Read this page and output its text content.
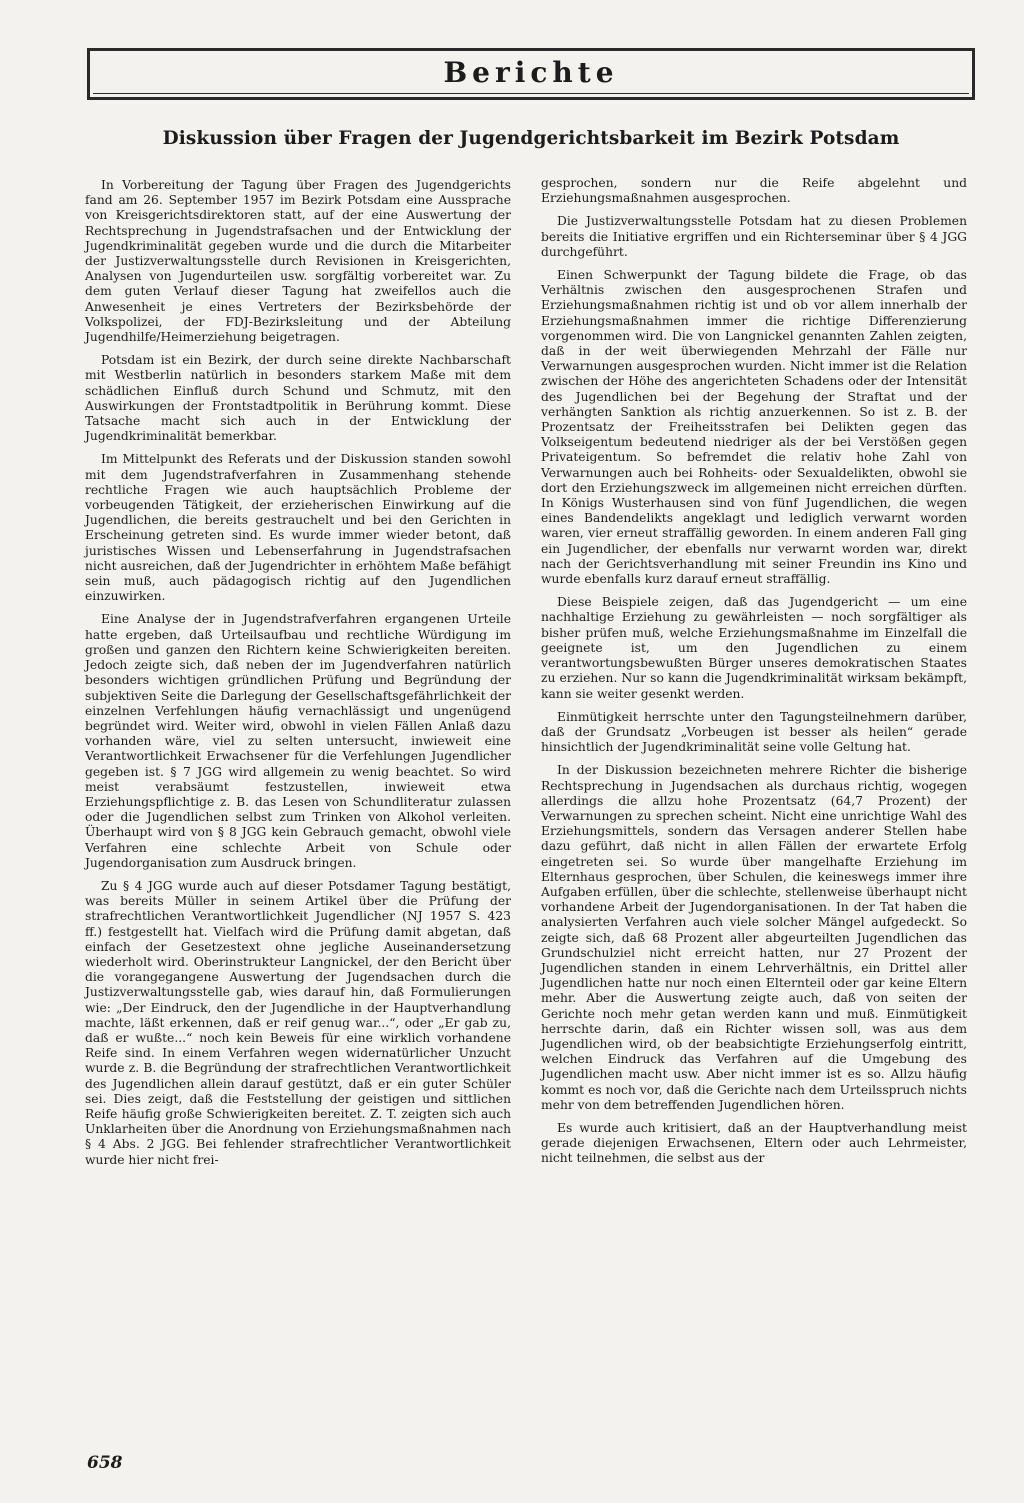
Berichte
Diskussion über Fragen der Jugendgerichtsbarkeit im Bezirk Potsdam

In Vorbereitung der Tagung über Fragen des Jugendgerichts fand am 26. September 1957 im Bezirk Potsdam eine Aussprache von Kreisgerichtsdirektoren statt, auf der eine Auswertung der Rechtsprechung in Jugendstrafsachen und der Entwicklung der Jugendkriminalität gegeben wurde und die durch die Mitarbeiter der Justizverwaltungsstelle durch Revisionen in Kreisgerichten, Analysen von Jugendurteilen usw. sorgfältig vorbereitet war. Zu dem guten Verlauf dieser Tagung hat zweifellos auch die Anwesenheit je eines Vertreters der Bezirksbehörde der Volkspolizei, der FDJ-Bezirksleitung und der Abteilung Jugendhilfe/Heimerziehung beigetragen.

Potsdam ist ein Bezirk, der durch seine direkte Nachbarschaft mit Westberlin natürlich in besonders starkem Maße mit dem schädlichen Einfluß durch Schund und Schmutz, mit den Auswirkungen der Frontstadtpolitik in Berührung kommt. Diese Tatsache macht sich auch in der Entwicklung der Jugendkriminalität bemerkbar.

Im Mittelpunkt des Referats und der Diskussion standen sowohl mit dem Jugendstrafverfahren in Zusammenhang stehende rechtliche Fragen wie auch hauptsächlich Probleme der vorbeugenden Tätigkeit, der erzieherischen Einwirkung auf die Jugendlichen, die bereits gestrauchelt und bei den Gerichten in Erscheinung getreten sind. Es wurde immer wieder betont, daß juristisches Wissen und Lebenserfahrung in Jugendstrafsachen nicht ausreichen, daß der Jugendrichter in erhöhtem Maße befähigt sein muß, auch pädagogisch richtig auf den Jugendlichen einzuwirken.

Eine Analyse der in Jugendstrafverfahren ergangenen Urteile hatte ergeben, daß Urteilsaufbau und rechtliche Würdigung im großen und ganzen den Richtern keine Schwierigkeiten bereiten. Jedoch zeigte sich, daß neben der im Jugendverfahren natürlich besonders wichtigen gründlichen Prüfung und Begründung der subjektiven Seite die Darlegung der Gesellschaftsgefährlichkeit der einzelnen Verfehlungen häufig vernachlässigt und ungenügend begründet wird. Weiter wird, obwohl in vielen Fällen Anlaß dazu vorhanden wäre, viel zu selten untersucht, inwieweit eine Verantwortlichkeit Erwachsener für die Verfehlungen Jugendlicher gegeben ist. § 7 JGG wird allgemein zu wenig beachtet. So wird meist verabsäumt festzustellen, inwieweit etwa Erziehungspflichtige z. B. das Lesen von Schundliteratur zulassen oder die Jugendlichen selbst zum Trinken von Alkohol verleiten. Überhaupt wird von § 8 JGG kein Gebrauch gemacht, obwohl viele Verfahren eine schlechte Arbeit von Schule oder Jugendorganisation zum Ausdruck bringen.

Zu § 4 JGG wurde auch auf dieser Potsdamer Tagung bestätigt, was bereits Müller in seinem Artikel über die Prüfung der strafrechtlichen Verantwortlichkeit Jugendlicher (NJ 1957 S. 423 ff.) festgestellt hat. Vielfach wird die Prüfung damit abgetan, daß einfach der Gesetzestext ohne jegliche Auseinandersetzung wiederholt wird. Oberinstrukteur Langnickel, der den Bericht über die vorangegangene Auswertung der Jugendsachen durch die Justizverwaltungsstelle gab, wies darauf hin, daß Formulierungen wie: „Der Eindruck, den der Jugendliche in der Hauptverhandlung machte, läßt erkennen, daß er reif genug war...“, oder „Er gab zu, daß er wußte...“ noch kein Beweis für eine wirklich vorhandene Reife sind. In einem Verfahren wegen widernatürlicher Unzucht wurde z. B. die Begründung der strafrechtlichen Verantwortlichkeit des Jugendlichen allein darauf gestützt, daß er ein guter Schüler sei. Dies zeigt, daß die Feststellung der geistigen und sittlichen Reife häufig große Schwierigkeiten bereitet. Z. T. zeigten sich auch Unklarheiten über die Anordnung von Erziehungsmaßnahmen nach § 4 Abs. 2 JGG. Bei fehlender strafrechtlicher Verantwortlichkeit wurde hier nicht frei-

gesprochen, sondern nur die Reife abgelehnt und Erziehungsmaßnahmen ausgesprochen.

Die Justizverwaltungsstelle Potsdam hat zu diesen Problemen bereits die Initiative ergriffen und ein Richterseminar über § 4 JGG durchgeführt.

Einen Schwerpunkt der Tagung bildete die Frage, ob das Verhältnis zwischen den ausgesprochenen Strafen und Erziehungsmaßnahmen richtig ist und ob vor allem innerhalb der Erziehungsmaßnahmen immer die richtige Differenzierung vorgenommen wird. Die von Langnickel genannten Zahlen zeigten, daß in der weit überwiegenden Mehrzahl der Fälle nur Verwarnungen ausgesprochen wurden. Nicht immer ist die Relation zwischen der Höhe des angerichteten Schadens oder der Intensität des Jugendlichen bei der Begehung der Straftat und der verhängten Sanktion als richtig anzuerkennen. So ist z. B. der Prozentsatz der Freiheitsstrafen bei Delikten gegen das Volkseigentum bedeutend niedriger als der bei Verstößen gegen Privateigentum. So befremdet die relativ hohe Zahl von Verwarnungen auch bei Rohheits- oder Sexualdelikten, obwohl sie dort den Erziehungszweck im allgemeinen nicht erreichen dürften. In Königs Wusterhausen sind von fünf Jugendlichen, die wegen eines Bandendelikts angeklagt und lediglich verwarnt worden waren, vier erneut straffällig geworden. In einem anderen Fall ging ein Jugendlicher, der ebenfalls nur verwarnt worden war, direkt nach der Gerichtsverhandlung mit seiner Freundin ins Kino und wurde ebenfalls kurz darauf erneut straffällig.

Diese Beispiele zeigen, daß das Jugendgericht — um eine nachhaltige Erziehung zu gewährleisten — noch sorgfältiger als bisher prüfen muß, welche Erziehungsmaßnahme im Einzelfall die geeignete ist, um den Jugendlichen zu einem verantwortungsbewußten Bürger unseres demokratischen Staates zu erziehen. Nur so kann die Jugendkriminalität wirksam bekämpft, kann sie weiter gesenkt werden.

Einmütigkeit herrschte unter den Tagungsteilnehmern darüber, daß der Grundsatz „Vorbeugen ist besser als heilen“ gerade hinsichtlich der Jugendkriminalität seine volle Geltung hat.

In der Diskussion bezeichneten mehrere Richter die bisherige Rechtsprechung in Jugendsachen als durchaus richtig, wogegen allerdings die allzu hohe Prozentsatz (64,7 Prozent) der Verwarnungen zu sprechen scheint. Nicht eine unrichtige Wahl des Erziehungsmittels, sondern das Versagen anderer Stellen habe dazu geführt, daß nicht in allen Fällen der erwartete Erfolg eingetreten sei. So wurde über mangelhafte Erziehung im Elternhaus gesprochen, über Schulen, die keineswegs immer ihre Aufgaben erfüllen, über die schlechte, stellenweise überhaupt nicht vorhandene Arbeit der Jugendorganisationen. In der Tat haben die analysierten Verfahren auch viele solcher Mängel aufgedeckt. So zeigte sich, daß 68 Prozent aller abgeurteilten Jugendlichen das Grundschulziel nicht erreicht hatten, nur 27 Prozent der Jugendlichen standen in einem Lehrverhältnis, ein Drittel aller Jugendlichen hatte nur noch einen Elternteil oder gar keine Eltern mehr. Aber die Auswertung zeigte auch, daß von seiten der Gerichte noch mehr getan werden kann und muß. Einmütigkeit herrschte darin, daß ein Richter wissen soll, was aus dem Jugendlichen wird, ob der beabsichtigte Erziehungserfolg eintritt, welchen Eindruck das Verfahren auf die Umgebung des Jugendlichen macht usw. Aber nicht immer ist es so. Allzu häufig kommt es noch vor, daß die Gerichte nach dem Urteilsspruch nichts mehr von dem betreffenden Jugendlichen hören.

Es wurde auch kritisiert, daß an der Hauptverhandlung meist gerade diejenigen Erwachsenen, Eltern oder auch Lehrmeister, nicht teilnehmen, die selbst aus der

658
